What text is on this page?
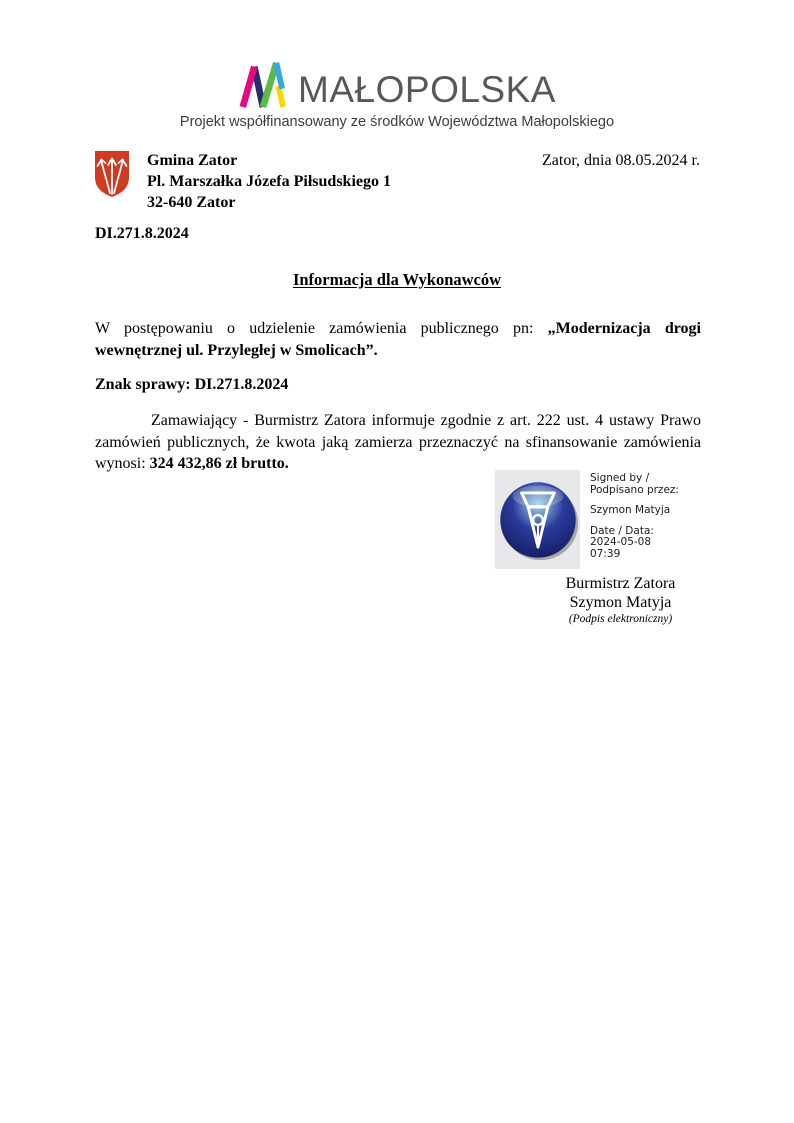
MAŁOPOLSKA
Projekt współfinansowany ze środków Województwa Małopolskiego
Gmina Zator
Pl. Marszałka Józefa Piłsudskiego 1
32-640 Zator
Zator, dnia 08.05.2024 r.
DI.271.8.2024
Informacja dla Wykonawców
W postępowaniu o udzielenie zamówienia publicznego pn: „Modernizacja drogi
wewnętrznej ul. Przyległej w Smolicach”.
Znak sprawy: DI.271.8.2024
Zamawiający - Burmistrz Zatora informuje zgodnie z art. 222 ust. 4 ustawy Prawo
zamówień publicznych, że kwota jaką zamierza przeznaczyć na sfinansowanie zamówienia
wynosi: 324 432,86 zł brutto.
Signed by /
Podpisano przez:
Szymon Matyja
Date / Data:
2024-05-08
07:39
Burmistrz Zatora
Szymon Matyja
(Podpis elektroniczny)
